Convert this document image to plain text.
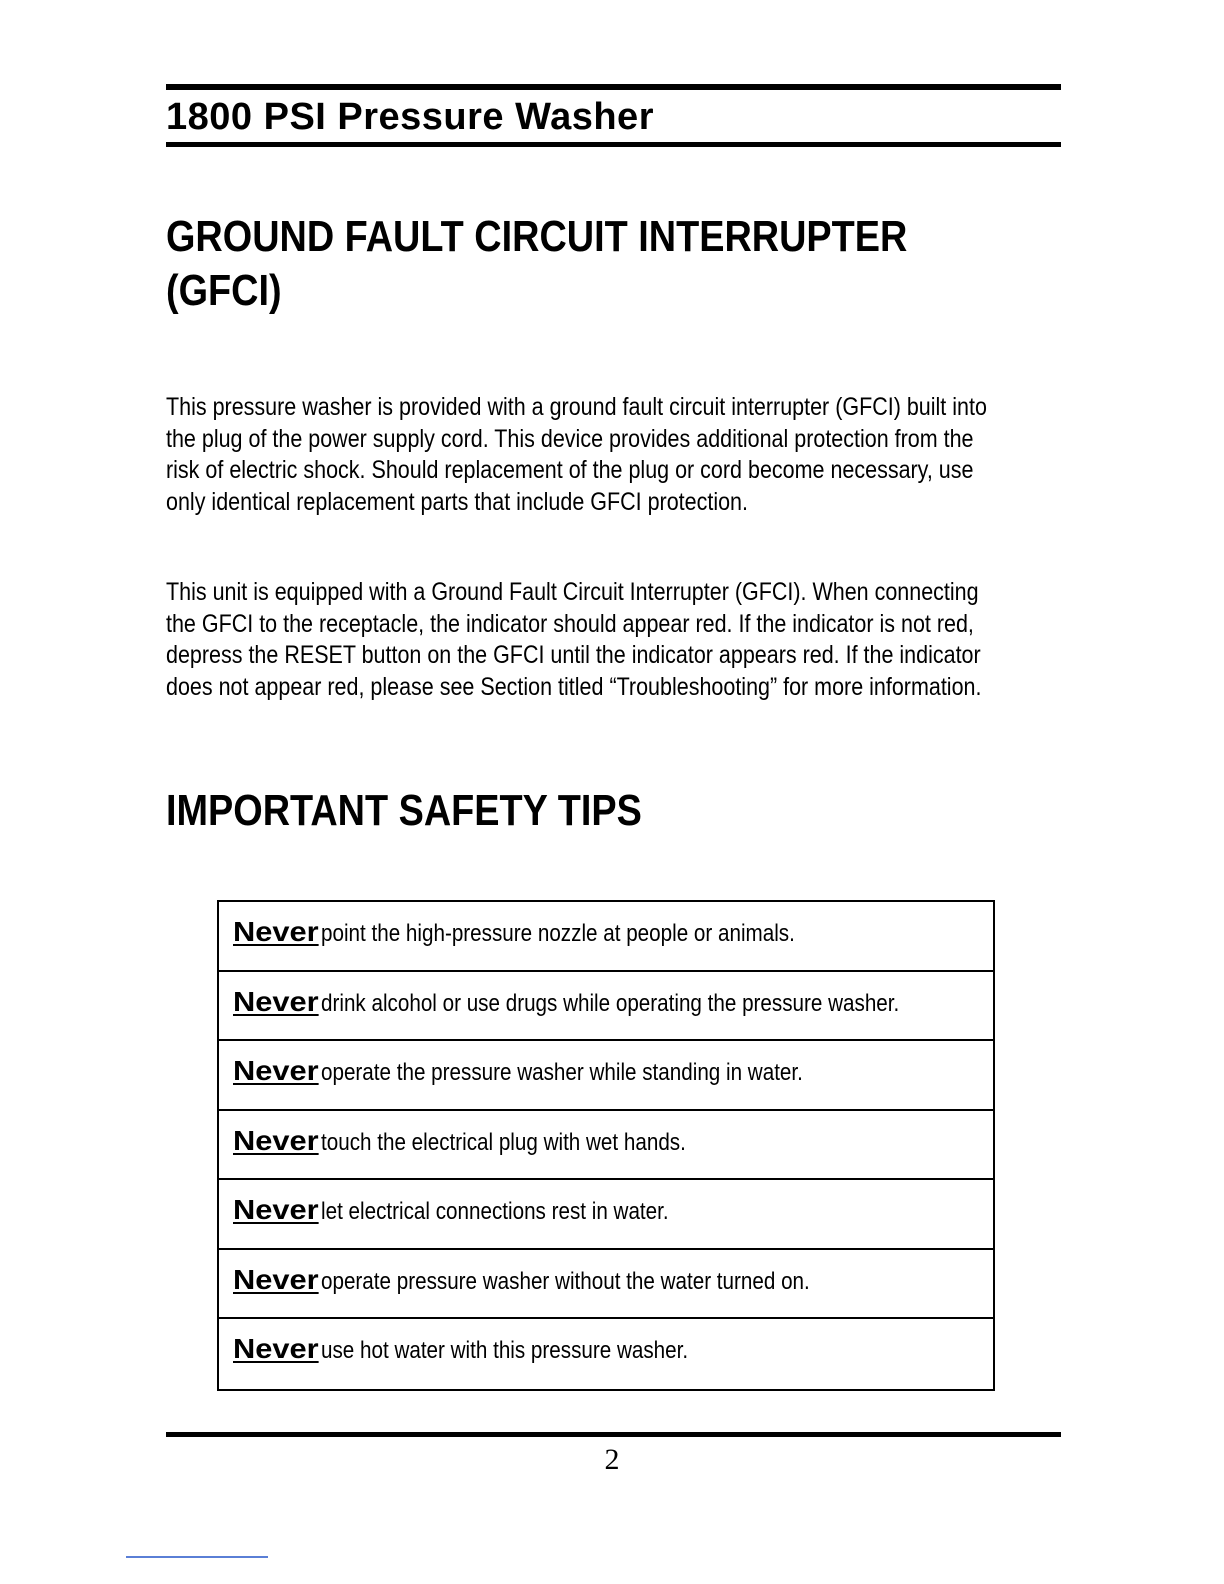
1800 PSI Pressure Washer
GROUND FAULT CIRCUIT INTERRUPTER
(GFCI)
This pressure washer is provided with a ground fault circuit interrupter (GFCI) built into
the plug of the power supply cord. This device provides additional protection from the
risk of electric shock. Should replacement of the plug or cord become necessary, use
only identical replacement parts that include GFCI protection.
This unit is equipped with a Ground Fault Circuit Interrupter (GFCI). When connecting
the GFCI to the receptacle, the indicator should appear red. If the indicator is not red,
depress the RESET button on the GFCI until the indicator appears red. If the indicator
does not appear red, please see Section titled “Troubleshooting” for more information.
IMPORTANT SAFETY TIPS
Neverpoint the high-pressure nozzle at people or animals.
Neverdrink alcohol or use drugs while operating the pressure washer.
Neveroperate the pressure washer while standing in water.
Nevertouch the electrical plug with wet hands.
Neverlet electrical connections rest in water.
Neveroperate pressure washer without the water turned on.
Neveruse hot water with this pressure washer.
2
